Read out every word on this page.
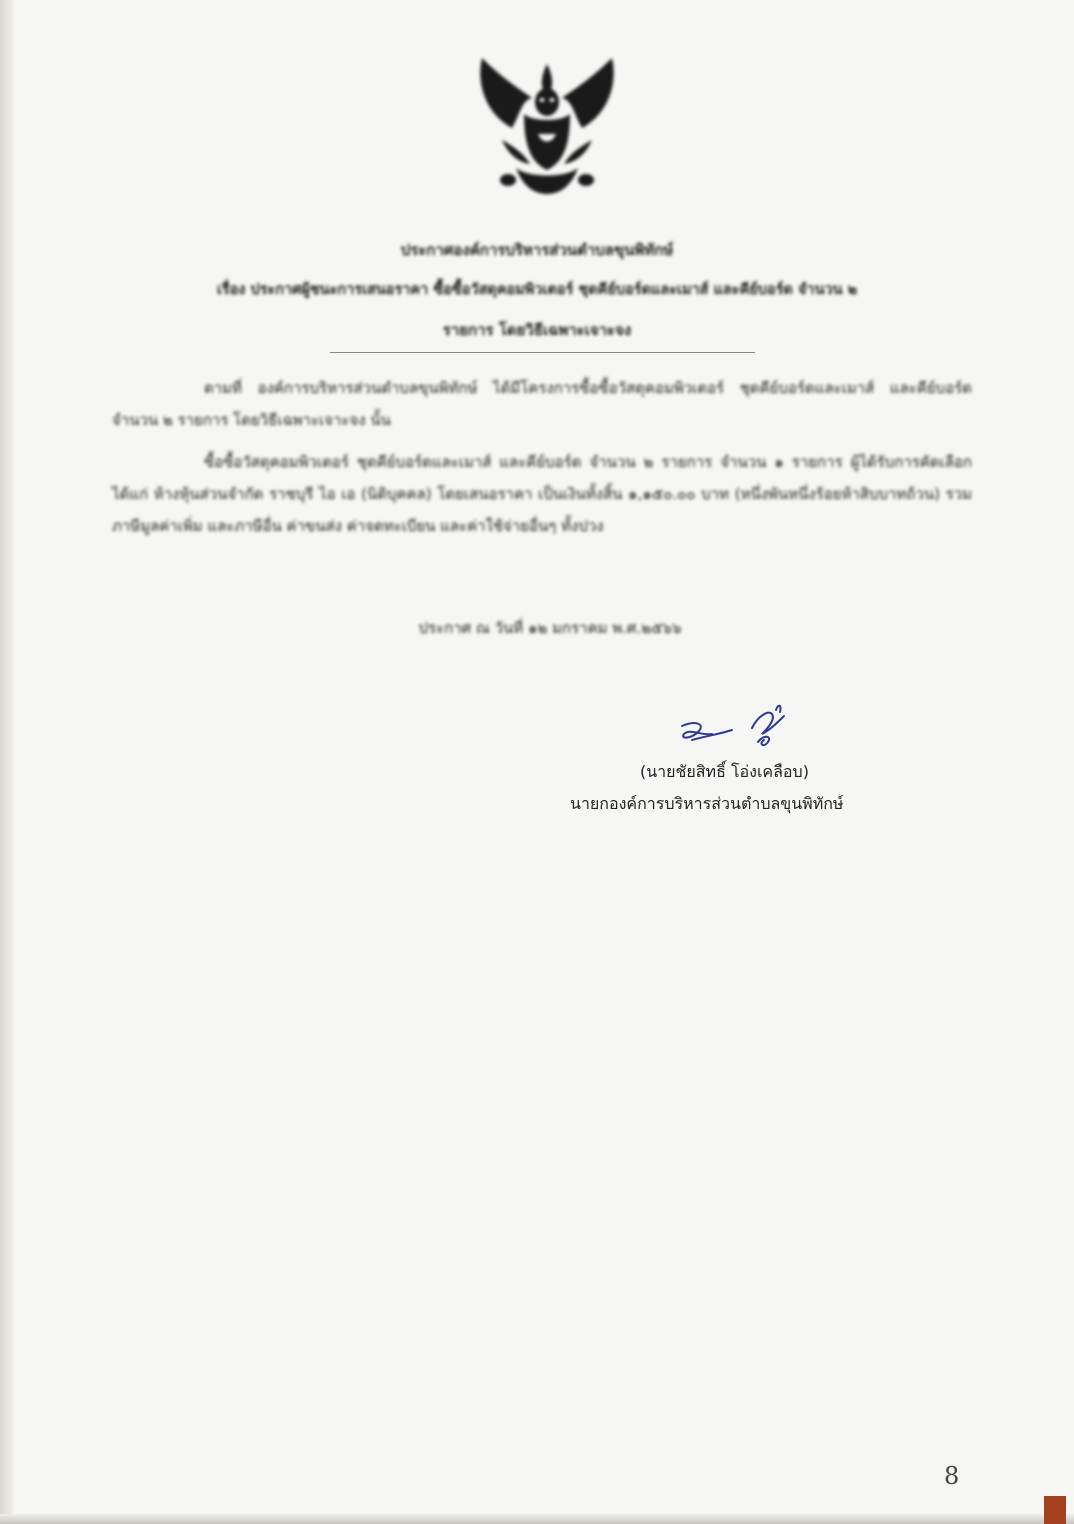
ประกาศองค์การบริหารส่วนตำบลขุนพิทักษ์
เรื่อง ประกาศผู้ชนะการเสนอราคา ซื้อซื้อวัสดุคอมพิวเตอร์ ชุดคีย์บอร์ดและเมาส์ และคีย์บอร์ด จำนวน ๒
รายการ โดยวิธีเฉพาะเจาะจง
ตามที่ องค์การบริหารส่วนตำบลขุนพิทักษ์ ได้มีโครงการซื้อซื้อวัสดุคอมพิวเตอร์ ชุดคีย์บอร์ดและเมาส์ และคีย์บอร์ด จำนวน ๒ รายการ โดยวิธีเฉพาะเจาะจง นั้น
ซื้อซื้อวัสดุคอมพิวเตอร์ ชุดคีย์บอร์ดและเมาส์ และคีย์บอร์ด จำนวน ๒ รายการ จำนวน ๑ รายการ ผู้ได้รับการคัดเลือก ได้แก่ ห้างหุ้นส่วนจำกัด ราชบุรี ไอ เอ (นิติบุคคล) โดยเสนอราคา เป็นเงินทั้งสิ้น ๑,๑๕๐.๐๐ บาท (หนึ่งพันหนึ่งร้อยห้าสิบบาทถ้วน) รวมภาษีมูลค่าเพิ่ม และภาษีอื่น ค่าขนส่ง ค่าจดทะเบียน และค่าใช้จ่ายอื่นๆ ทั้งปวง
ประกาศ ณ วันที่ ๑๒ มกราคม พ.ศ.๒๕๖๖
(นายชัยสิทธิ์ โอ่งเคลือบ)
นายกองค์การบริหารส่วนตำบลขุนพิทักษ์
8
